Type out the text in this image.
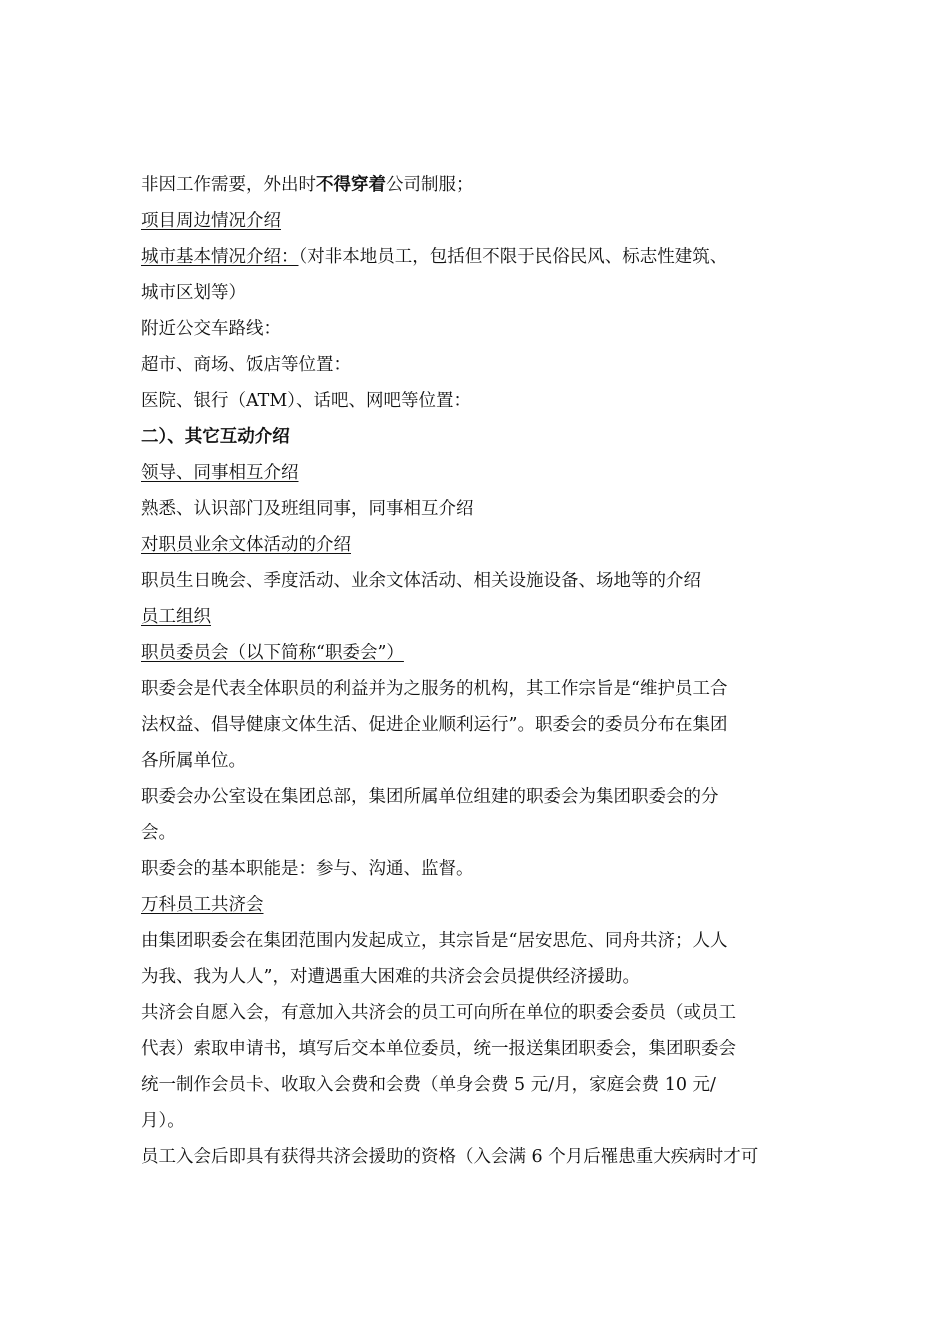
非因工作需要，外出时不得穿着公司制服；
项目周边情况介绍
城市基本情况介绍：（对非本地员工，包括但不限于民俗民风、标志性建筑、
城市区划等）
附近公交车路线：
超市、商场、饭店等位置：
医院、银行（ATM）、话吧、网吧等位置：
二）、其它互动介绍
领导、同事相互介绍
熟悉、认识部门及班组同事，同事相互介绍
对职员业余文体活动的介绍
职员生日晚会、季度活动、业余文体活动、相关设施设备、场地等的介绍
员工组织
职员委员会（以下简称“职委会”）
职委会是代表全体职员的利益并为之服务的机构，其工作宗旨是“维护员工合
法权益、倡导健康文体生活、促进企业顺利运行”。职委会的委员分布在集团
各所属单位。
职委会办公室设在集团总部，集团所属单位组建的职委会为集团职委会的分
会。
职委会的基本职能是：参与、沟通、监督。
万科员工共济会
由集团职委会在集团范围内发起成立，其宗旨是“居安思危、同舟共济；人人
为我、我为人人”，对遭遇重大困难的共济会会员提供经济援助。
共济会自愿入会，有意加入共济会的员工可向所在单位的职委会委员（或员工
代表）索取申请书，填写后交本单位委员，统一报送集团职委会，集团职委会
统一制作会员卡、收取入会费和会费（单身会费 5 元/月，家庭会费 10 元/
月）。
员工入会后即具有获得共济会援助的资格（入会满 6 个月后罹患重大疾病时才可
